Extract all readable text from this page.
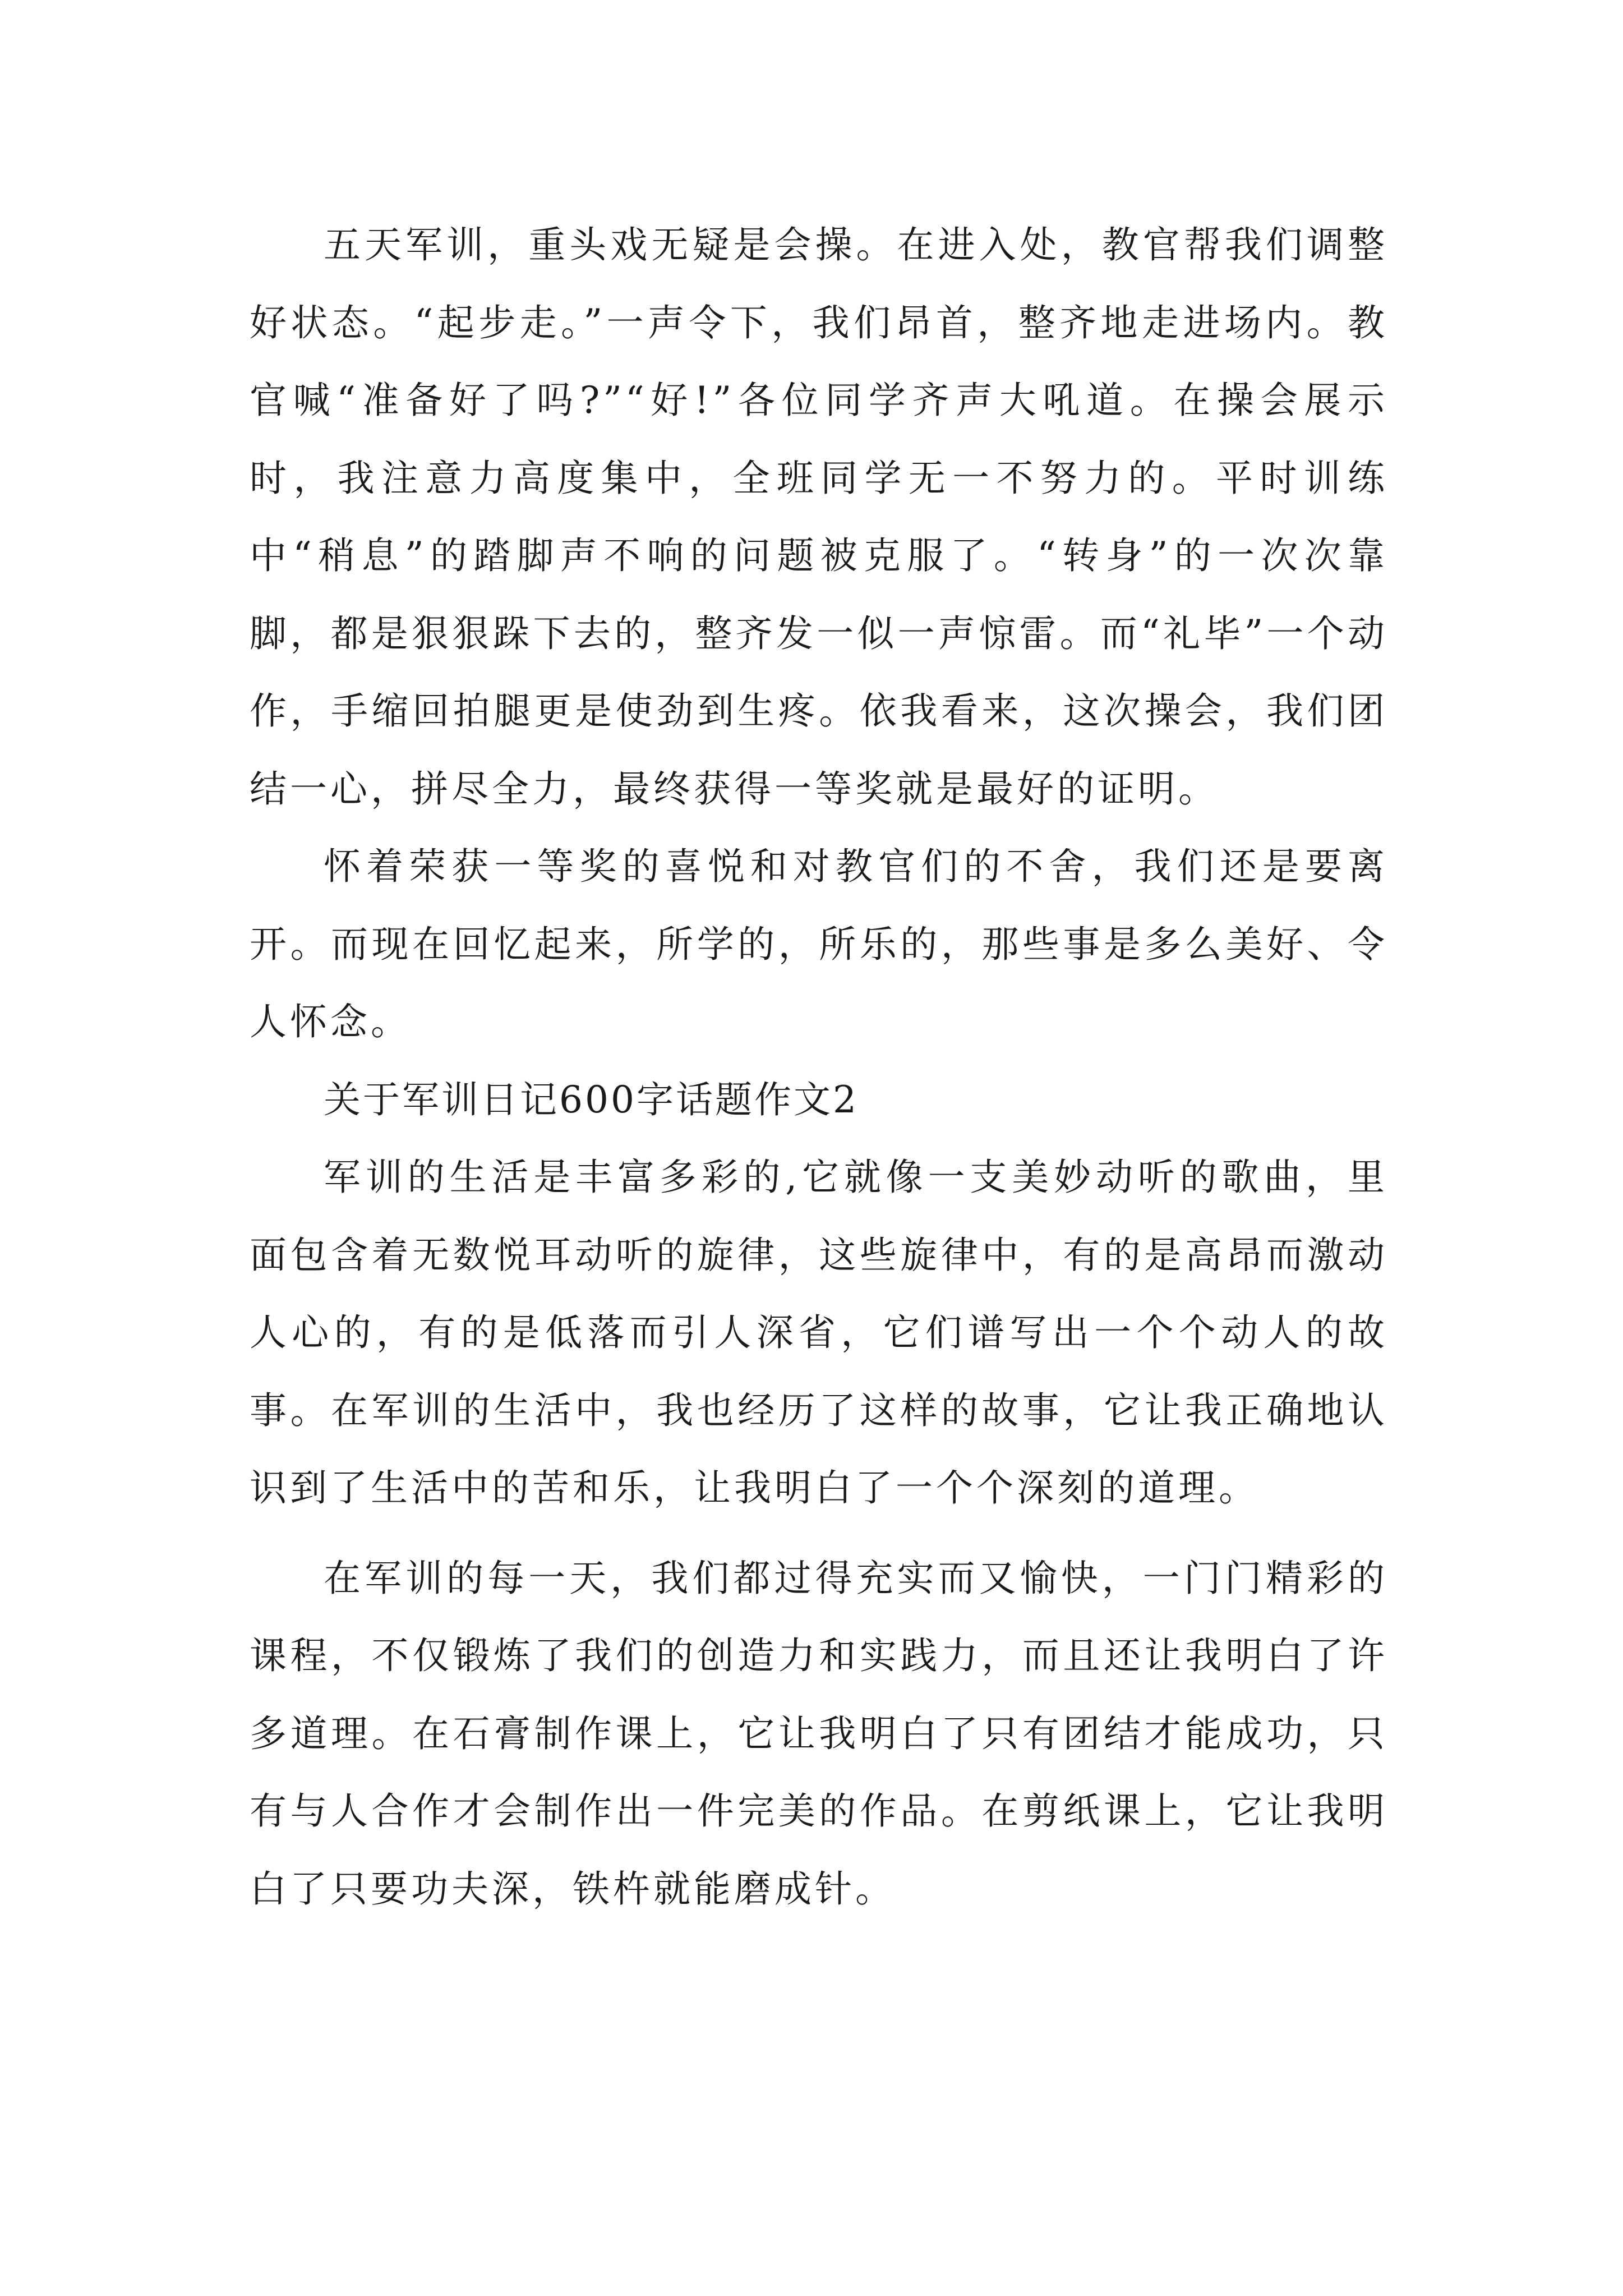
五天军训，重头戏无疑是会操。在进入处，教官帮我们调整好状态。“起步走。”一声令下，我们昂首，整齐地走进场内。教官喊“准备好了吗?”“好!”各位同学齐声大吼道。在操会展示时，我注意力高度集中，全班同学无一不努力的。平时训练中“稍息”的踏脚声不响的问题被克服了。“转身”的一次次靠脚，都是狠狠跺下去的，整齐发一似一声惊雷。而“礼毕”一个动作，手缩回拍腿更是使劲到生疼。依我看来，这次操会，我们团结一心，拼尽全力，最终获得一等奖就是最好的证明。

怀着荣获一等奖的喜悦和对教官们的不舍，我们还是要离开。而现在回忆起来，所学的，所乐的，那些事是多么美好、令人怀念。

关于军训日记600字话题作文2

军训的生活是丰富多彩的,它就像一支美妙动听的歌曲，里面包含着无数悦耳动听的旋律，这些旋律中，有的是高昂而激动人心的，有的是低落而引人深省，它们谱写出一个个动人的故事。在军训的生活中，我也经历了这样的故事，它让我正确地认识到了生活中的苦和乐，让我明白了一个个深刻的道理。

在军训的每一天，我们都过得充实而又愉快，一门门精彩的课程，不仅锻炼了我们的创造力和实践力，而且还让我明白了许多道理。在石膏制作课上，它让我明白了只有团结才能成功，只有与人合作才会制作出一件完美的作品。在剪纸课上，它让我明白了只要功夫深，铁杵就能磨成针。
